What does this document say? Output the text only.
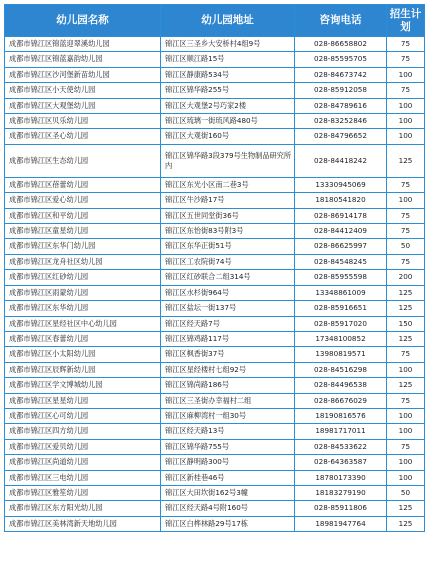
幼儿园名称	幼儿园地址	咨询电话	招生计划
成都市锦江区锦蓝迎翠溪幼儿园	锦江区三圣乡大安桥村4组9号	028-86658802	75
成都市锦江区锦蓝嘉韵幼儿园	锦江区顺江路15号	028-85595705	75
成都市锦江区沙河堡新苗幼儿园	锦江区静康路534号	028-84673742	100
成都市锦江区小天使幼儿园	锦江区锦华路255号	028-85912058	75
成都市锦江区大观堡幼儿园	锦江区大观堡2号巧家2楼	028-84789616	100
成都市锦江区贝乐幼儿园	锦江区琉璃一街琉风路480号	028-83252846	100
成都市锦江区圣心幼儿园	锦江区大观街160号	028-84796652	100
成都市锦江区生态幼儿园	锦江区锦华路3段379号生物制品研究所内	028-84418242	125
成都市锦江区蓓蕾幼儿园	锦江区东光小区南二巷3号	13330945069	75
成都市锦江区爱心幼儿园	锦江区牛沙路17号	18180541820	100
成都市锦江区和平幼儿园	锦江区五世同堂街36号	028-86914178	75
成都市锦江区童星幼儿园	锦江区东怡街83号附3号	028-84412409	75
成都市锦江区东华门幼儿园	锦江区东华正街51号	028-86625997	50
成都市锦江区龙舟社区幼儿园	锦江区工农院街74号	028-84548245	75
成都市锦江区红砂幼儿园	锦江区红砂联合二组314号	028-85955598	200
成都市锦江区雨蒙幼儿园	锦江区水杉街964号	13348861009	125
成都市锦江区东华幼儿园	锦江区盐坛一街137号	028-85916651	125
成都市锦江区星经社区中心幼儿园	锦江区经天路7号	028-85917020	150
成都市锦江区春蕾幼儿园	锦江区锦鸡路117号	17348100852	125
成都市锦江区小太阳幼儿园	锦江区枫香街37号	13980819571	75
成都市锦江区辰辉新幼儿园	锦江区星经楼村七组92号	028-84516298	100
成都市锦江区学文博城幼儿园	锦江区锦尚路186号	028-84496538	125
成都市锦江区星星幼儿园	锦江区三圣街办幸福村二组	028-86676029	75
成都市锦江区心可幼儿园	锦江区麻柳湾村一组30号	18190816576	100
成都市锦江区四方幼儿园	锦江区经天路13号	18981717011	100
成都市锦江区爱贝幼儿园	锦江区锦华路755号	028-84533622	75
成都市锦江区尚道幼儿园	锦江区静明路300号	028-64363587	100
成都市锦江区三电幼儿园	锦江区新桂巷46号	18780173390	100
成都市锦江区雅笙幼儿园	锦江区大田坎街162号3幢	18183279190	50
成都市锦江区东方阳光幼儿园	锦江区经天路4号附160号	028-85911806	125
成都市锦江区美林湾新天地幼儿园	锦江区白桦林路29号17栋	18981947764	125
